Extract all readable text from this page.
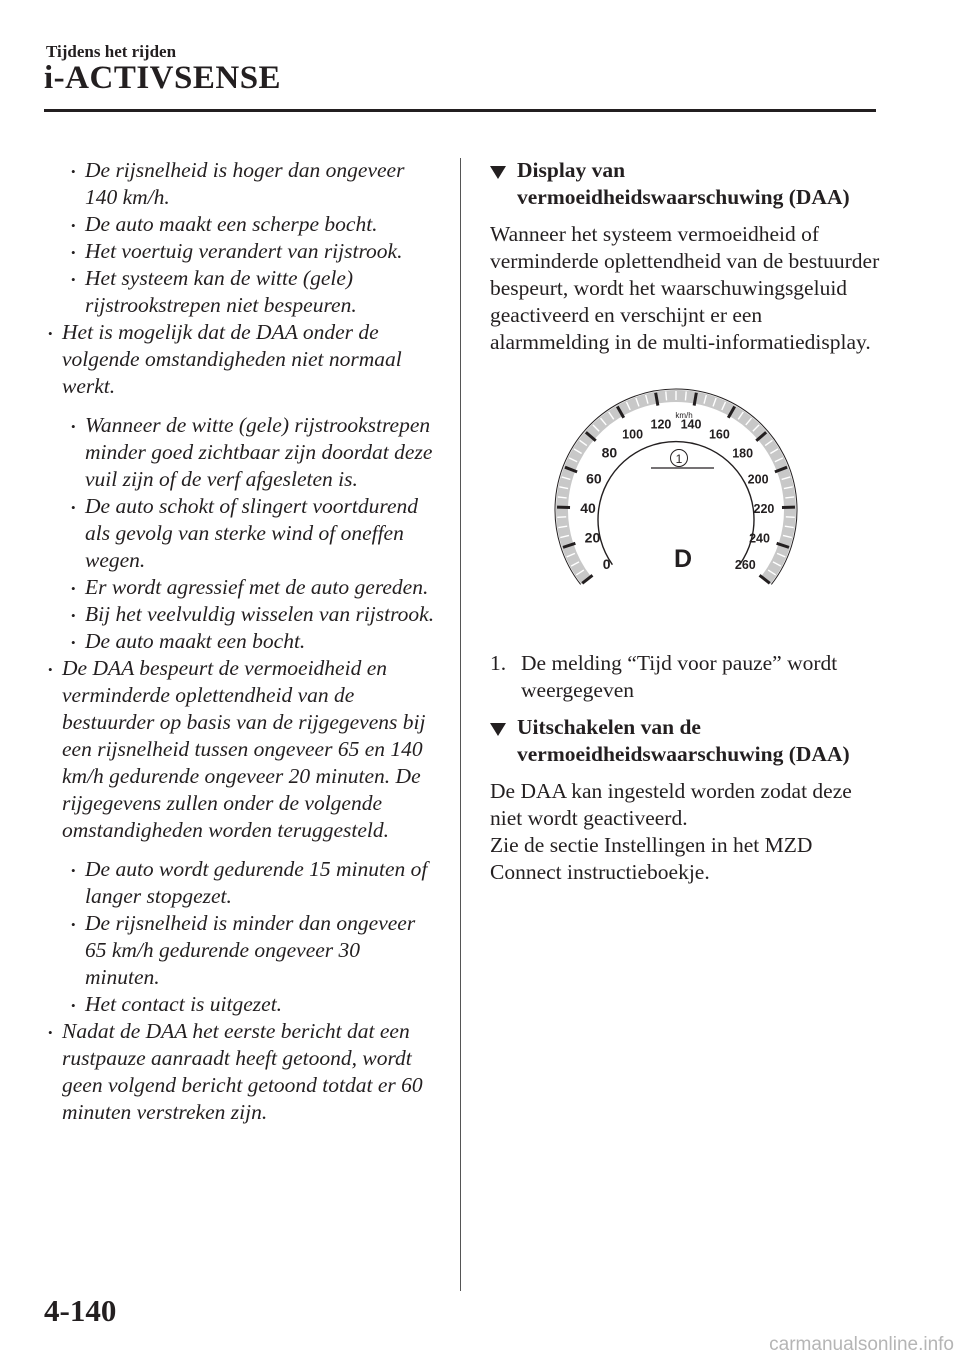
Tijdens het rijden
i-ACTIVSENSE

• De rijsnelheid is hoger dan ongeveer 140 km/h.

• De auto maakt een scherpe bocht.

• Het voertuig verandert van rijstrook.

• Het systeem kan de witte (gele) rijstrookstrepen niet bespeuren.

• Het is mogelijk dat de DAA onder de volgende omstandigheden niet normaal werkt.

• Wanneer de witte (gele) rijstrookstrepen minder goed zichtbaar zijn doordat deze vuil zijn of de verf afgesleten is.

• De auto schokt of slingert voortdurend als gevolg van sterke wind of oneffen wegen.

• Er wordt agressief met de auto gereden.

• Bij het veelvuldig wisselen van rijstrook.

• De auto maakt een bocht.

• De DAA bespeurt de vermoeidheid en verminderde oplettendheid van de bestuurder op basis van de rijgegevens bij een rijsnelheid tussen ongeveer 65 en 140 km/h gedurende ongeveer 20 minuten. De rijgegevens zullen onder de volgende omstandigheden worden teruggesteld.

• De auto wordt gedurende 15 minuten of langer stopgezet.

• De rijsnelheid is minder dan ongeveer 65 km/h gedurende ongeveer 30 minuten.

• Het contact is uitgezet.

• Nadat de DAA het eerste bericht dat een rustpauze aanraadt heeft getoond, wordt geen volgend bericht getoond totdat er 60 minuten verstreken zijn.

Display van vermoeidheidswaarschuwing (DAA)

Wanneer het systeem vermoeidheid of verminderde oplettendheid van de bestuurder bespeurt, wordt het waarschuwingsgeluid geactiveerd en verschijnt er een alarmmelding in de multi-informatiedisplay.

1
D
km/h
0
20
40
60
80
100
120 140
160
180
200
220
240
260

1. De melding “Tijd voor pauze” wordt weergegeven

Uitschakelen van de vermoeidheidswaarschuwing (DAA)

De DAA kan ingesteld worden zodat deze niet wordt geactiveerd.

Zie de sectie Instellingen in het MZD Connect instructieboekje.

4-140
carmanualsonline.info
